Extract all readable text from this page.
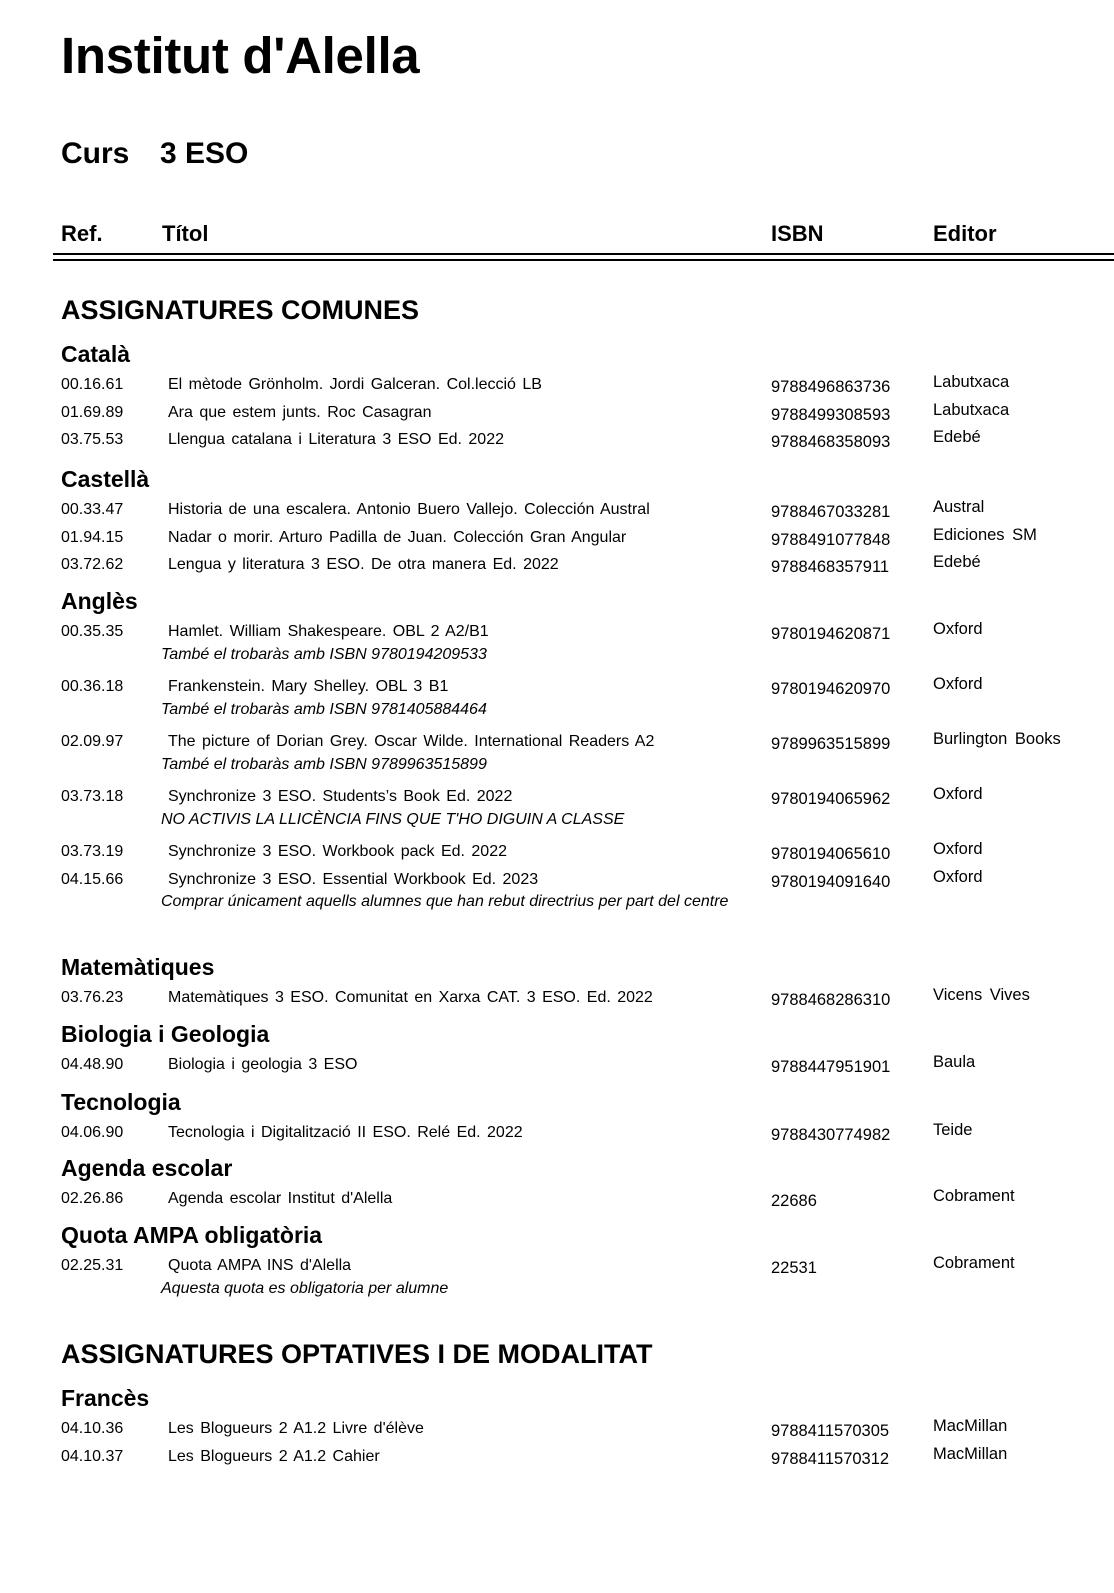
Institut d'Alella
Curs 3 ESO
Ref.	Títol	ISBN	Editor
ASSIGNATURES COMUNES
Català
00.16.61	El mètode Grönholm. Jordi Galceran. Col.lecció LB	9788496863736	Labutxaca
01.69.89	Ara que estem junts. Roc Casagran	9788499308593	Labutxaca
03.75.53	Llengua catalana i Literatura 3 ESO Ed. 2022	9788468358093	Edebé
Castellà
00.33.47	Historia de una escalera. Antonio Buero Vallejo. Colección Austral	9788467033281	Austral
01.94.15	Nadar o morir. Arturo Padilla de Juan. Colección Gran Angular	9788491077848	Ediciones SM
03.72.62	Lengua y literatura 3 ESO. De otra manera Ed. 2022	9788468357911	Edebé
Anglès
00.35.35	Hamlet. William Shakespeare. OBL 2 A2/B1	9780194620871	Oxford
També el trobaràs amb ISBN 9780194209533
00.36.18	Frankenstein. Mary Shelley. OBL 3 B1	9780194620970	Oxford
També el trobaràs amb ISBN 9781405884464
02.09.97	The picture of Dorian Grey. Oscar Wilde. International Readers A2	9789963515899	Burlington Books
També el trobaràs amb ISBN 9789963515899
03.73.18	Synchronize 3 ESO. Students’s Book Ed. 2022	9780194065962	Oxford
NO ACTIVIS LA LLICÈNCIA FINS QUE T'HO DIGUIN A CLASSE
03.73.19	Synchronize 3 ESO. Workbook pack Ed. 2022	9780194065610	Oxford
04.15.66	Synchronize 3 ESO. Essential Workbook Ed. 2023	9780194091640	Oxford
Comprar únicament aquells alumnes que han rebut directrius per part del centre
Matemàtiques
03.76.23	Matemàtiques 3 ESO. Comunitat en Xarxa CAT. 3 ESO. Ed. 2022	9788468286310	Vicens Vives
Biologia i Geologia
04.48.90	Biologia i geologia 3 ESO	9788447951901	Baula
Tecnologia
04.06.90	Tecnologia i Digitalització II ESO. Relé Ed. 2022	9788430774982	Teide
Agenda escolar
02.26.86	Agenda escolar Institut d'Alella	22686	Cobrament
Quota AMPA obligatòria
02.25.31	Quota AMPA INS d'Alella	22531	Cobrament
Aquesta quota es obligatoria per alumne
ASSIGNATURES OPTATIVES I DE MODALITAT
Francès
04.10.36	Les Blogueurs 2 A1.2 Livre d'élève	9788411570305	MacMillan
04.10.37	Les Blogueurs 2 A1.2 Cahier	9788411570312	MacMillan
